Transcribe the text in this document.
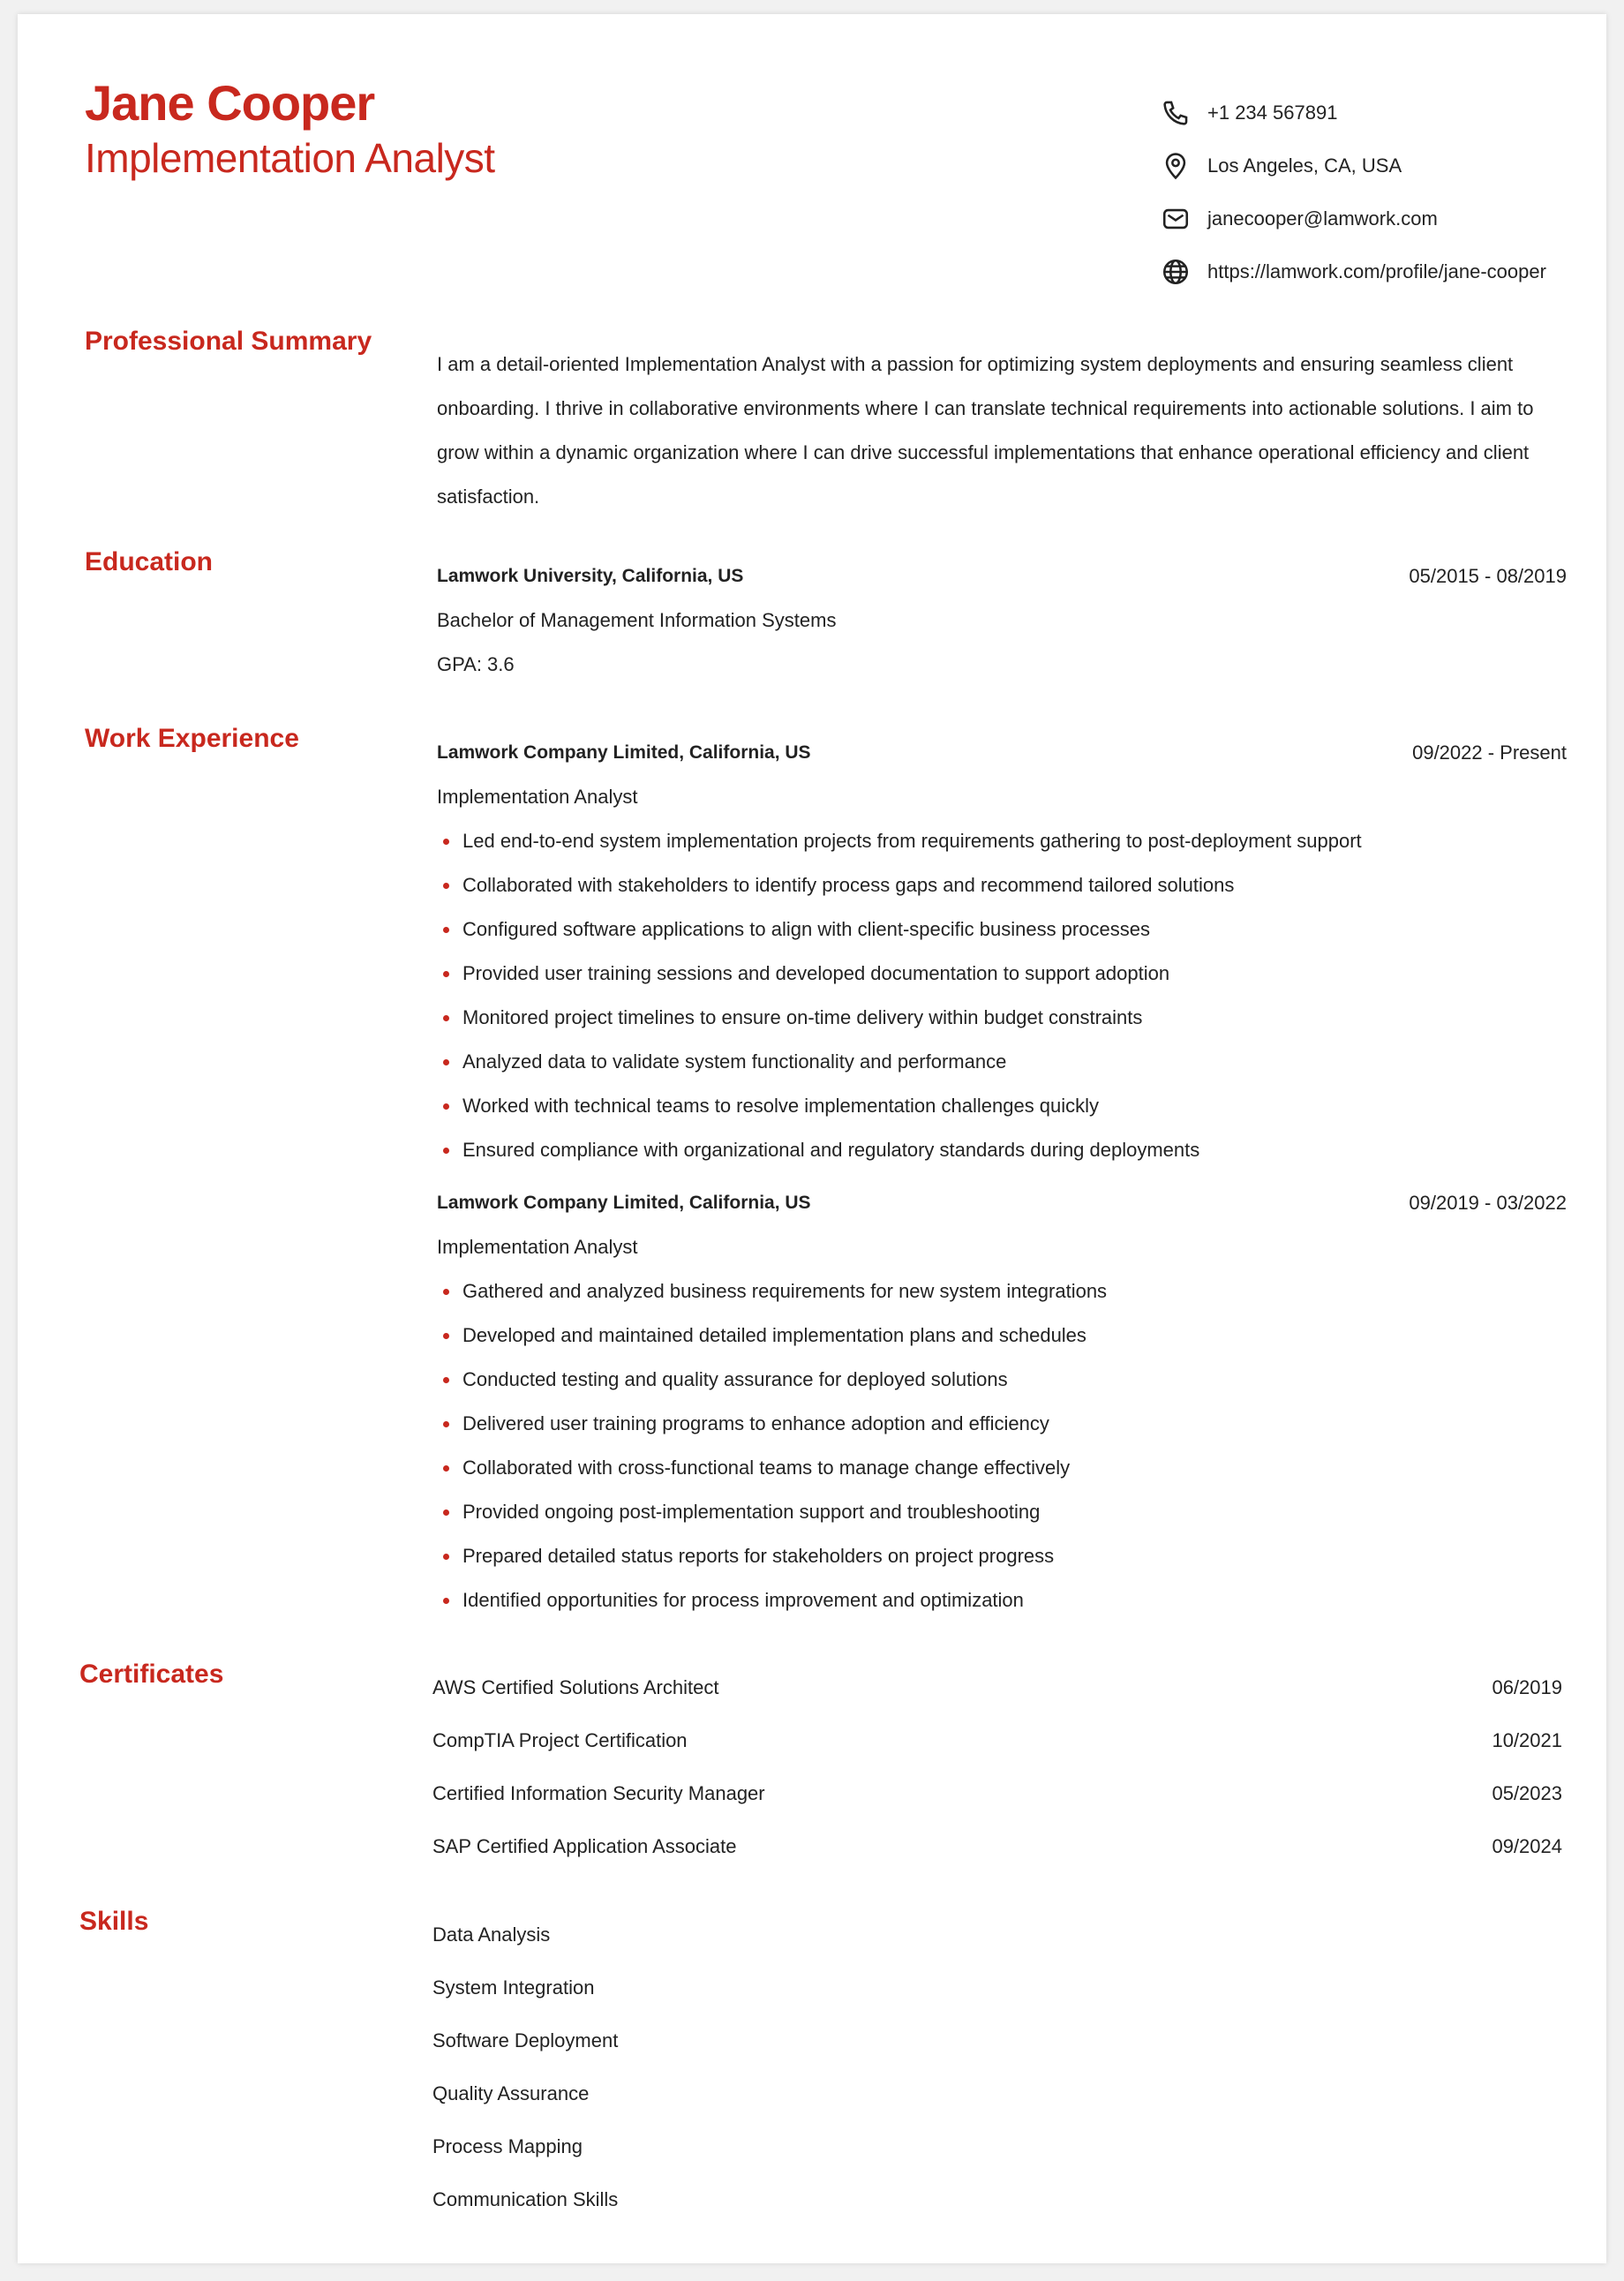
Jane Cooper
Implementation Analyst
+1 234 567891
Los Angeles, CA, USA
janecooper@lamwork.com
https://lamwork.com/profile/jane-cooper
Professional Summary
I am a detail-oriented Implementation Analyst with a passion for optimizing system deployments and ensuring seamless client onboarding. I thrive in collaborative environments where I can translate technical requirements into actionable solutions. I aim to grow within a dynamic organization where I can drive successful implementations that enhance operational efficiency and client satisfaction.
Education	Lamwork University, California, US	05/2015 - 08/2019
Bachelor of Management Information Systems
GPA: 3.6
Work Experience	Lamwork Company Limited, California, US	09/2022 - Present
Implementation Analyst
Led end-to-end system implementation projects from requirements gathering to post-deployment support
Collaborated with stakeholders to identify process gaps and recommend tailored solutions
Configured software applications to align with client-specific business processes
Provided user training sessions and developed documentation to support adoption
Monitored project timelines to ensure on-time delivery within budget constraints
Analyzed data to validate system functionality and performance
Worked with technical teams to resolve implementation challenges quickly
Ensured compliance with organizational and regulatory standards during deployments
Lamwork Company Limited, California, US	09/2019 - 03/2022
Implementation Analyst
Gathered and analyzed business requirements for new system integrations
Developed and maintained detailed implementation plans and schedules
Conducted testing and quality assurance for deployed solutions
Delivered user training programs to enhance adoption and efficiency
Collaborated with cross-functional teams to manage change effectively
Provided ongoing post-implementation support and troubleshooting
Prepared detailed status reports for stakeholders on project progress
Identified opportunities for process improvement and optimization
Certificates	AWS Certified Solutions Architect	06/2019
CompTIA Project Certification	10/2021
Certified Information Security Manager	05/2023
SAP Certified Application Associate	09/2024
Skills	Data Analysis
System Integration
Software Deployment
Quality Assurance
Process Mapping
Communication Skills
